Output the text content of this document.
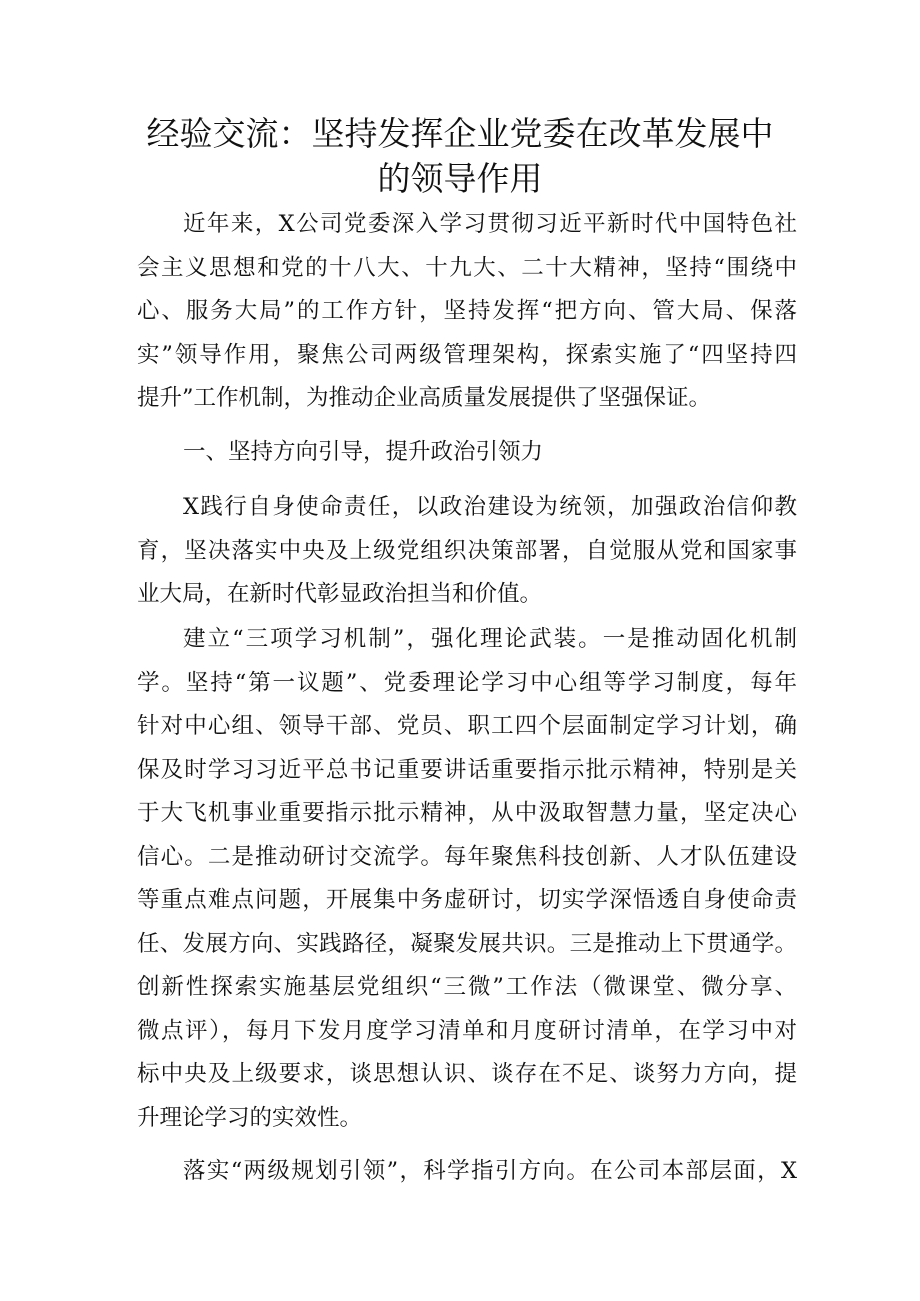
经验交流：坚持发挥企业党委在改革发展中
的领导作用
近年来，X公司党委深入学习贯彻习近平新时代中国特色社
会主义思想和党的十八大、十九大、二十大精神，坚持“围绕中
心、服务大局”的工作方针，坚持发挥“把方向、管大局、保落
实”领导作用，聚焦公司两级管理架构，探索实施了“四坚持四
提升”工作机制，为推动企业高质量发展提供了坚强保证。
一、坚持方向引导，提升政治引领力
X践行自身使命责任，以政治建设为统领，加强政治信仰教
育，坚决落实中央及上级党组织决策部署，自觉服从党和国家事
业大局，在新时代彰显政治担当和价值。
建立“三项学习机制”，强化理论武装。一是推动固化机制
学。坚持“第一议题”、党委理论学习中心组等学习制度，每年
针对中心组、领导干部、党员、职工四个层面制定学习计划，确
保及时学习习近平总书记重要讲话重要指示批示精神，特别是关
于大飞机事业重要指示批示精神，从中汲取智慧力量，坚定决心
信心。二是推动研讨交流学。每年聚焦科技创新、人才队伍建设
等重点难点问题，开展集中务虚研讨，切实学深悟透自身使命责
任、发展方向、实践路径，凝聚发展共识。三是推动上下贯通学。
创新性探索实施基层党组织“三微”工作法（微课堂、微分享、
微点评），每月下发月度学习清单和月度研讨清单，在学习中对
标中央及上级要求，谈思想认识、谈存在不足、谈努力方向，提
升理论学习的实效性。
落实“两级规划引领”，科学指引方向。在公司本部层面，X
